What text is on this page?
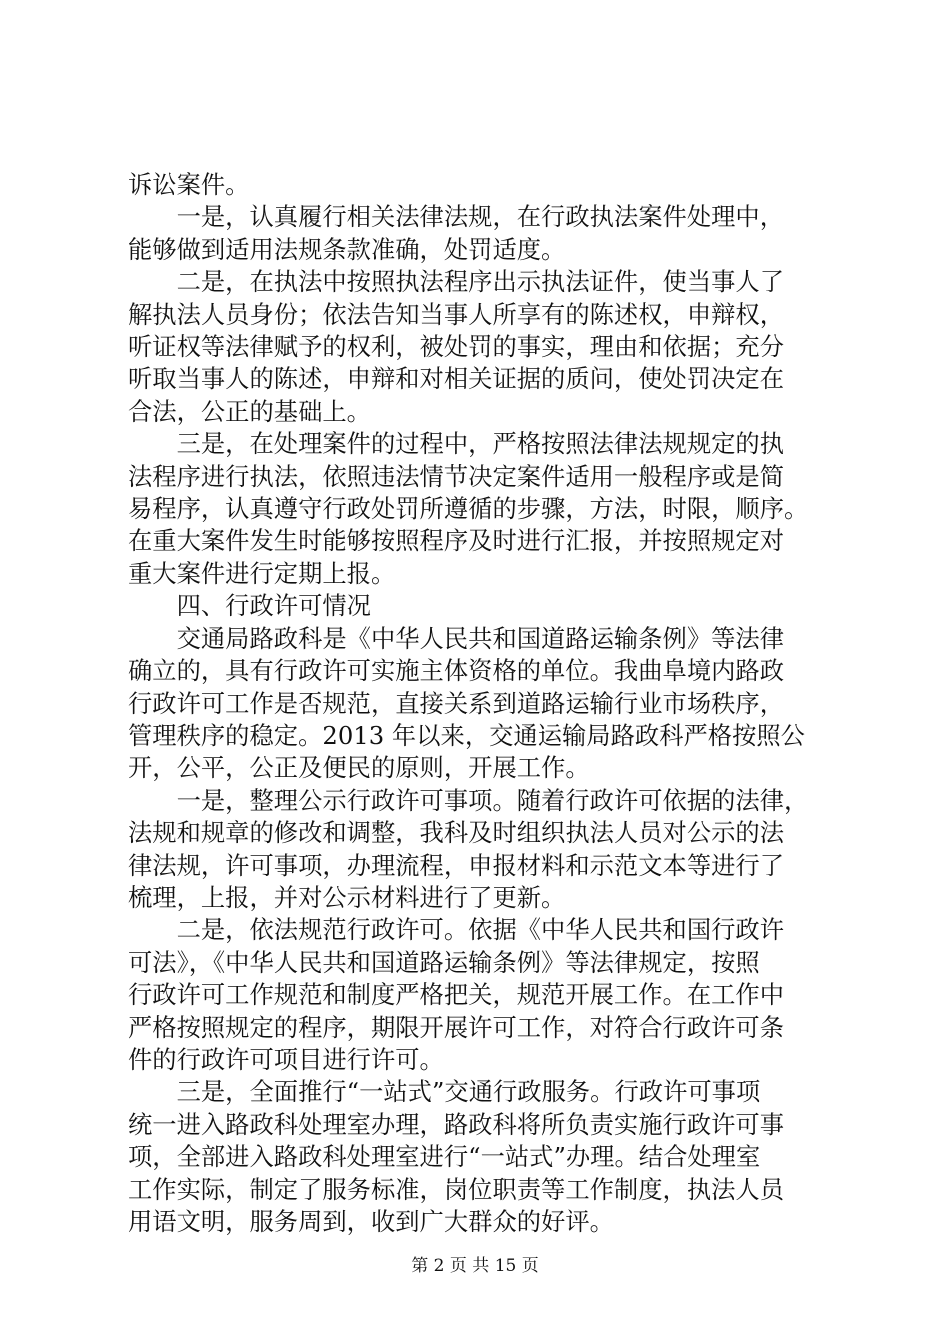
诉讼案件。
　　一是，认真履行相关法律法规，在行政执法案件处理中，
能够做到适用法规条款准确，处罚适度。
　　二是，在执法中按照执法程序出示执法证件，使当事人了
解执法人员身份；依法告知当事人所享有的陈述权，申辩权，
听证权等法律赋予的权利，被处罚的事实，理由和依据；充分
听取当事人的陈述，申辩和对相关证据的质问，使处罚决定在
合法，公正的基础上。
　　三是，在处理案件的过程中，严格按照法律法规规定的执
法程序进行执法，依照违法情节决定案件适用一般程序或是简
易程序，认真遵守行政处罚所遵循的步骤，方法，时限，顺序。
在重大案件发生时能够按照程序及时进行汇报，并按照规定对
重大案件进行定期上报。
　　四、行政许可情况
　　交通局路政科是《中华人民共和国道路运输条例》等法律
确立的，具有行政许可实施主体资格的单位。我曲阜境内路政
行政许可工作是否规范，直接关系到道路运输行业市场秩序，
管理秩序的稳定。2013 年以来，交通运输局路政科严格按照公
开，公平，公正及便民的原则，开展工作。
　　一是，整理公示行政许可事项。随着行政许可依据的法律，
法规和规章的修改和调整，我科及时组织执法人员对公示的法
律法规，许可事项，办理流程，申报材料和示范文本等进行了
梳理，上报，并对公示材料进行了更新。
　　二是，依法规范行政许可。依据《中华人民共和国行政许
可法》，《中华人民共和国道路运输条例》等法律规定，按照
行政许可工作规范和制度严格把关，规范开展工作。在工作中
严格按照规定的程序，期限开展许可工作，对符合行政许可条
件的行政许可项目进行许可。
　　三是，全面推行“一站式”交通行政服务。行政许可事项
统一进入路政科处理室办理，路政科将所负责实施行政许可事
项，全部进入路政科处理室进行“一站式”办理。结合处理室
工作实际，制定了服务标准，岗位职责等工作制度，执法人员
用语文明，服务周到，收到广大群众的好评。
第 2 页 共 15 页
